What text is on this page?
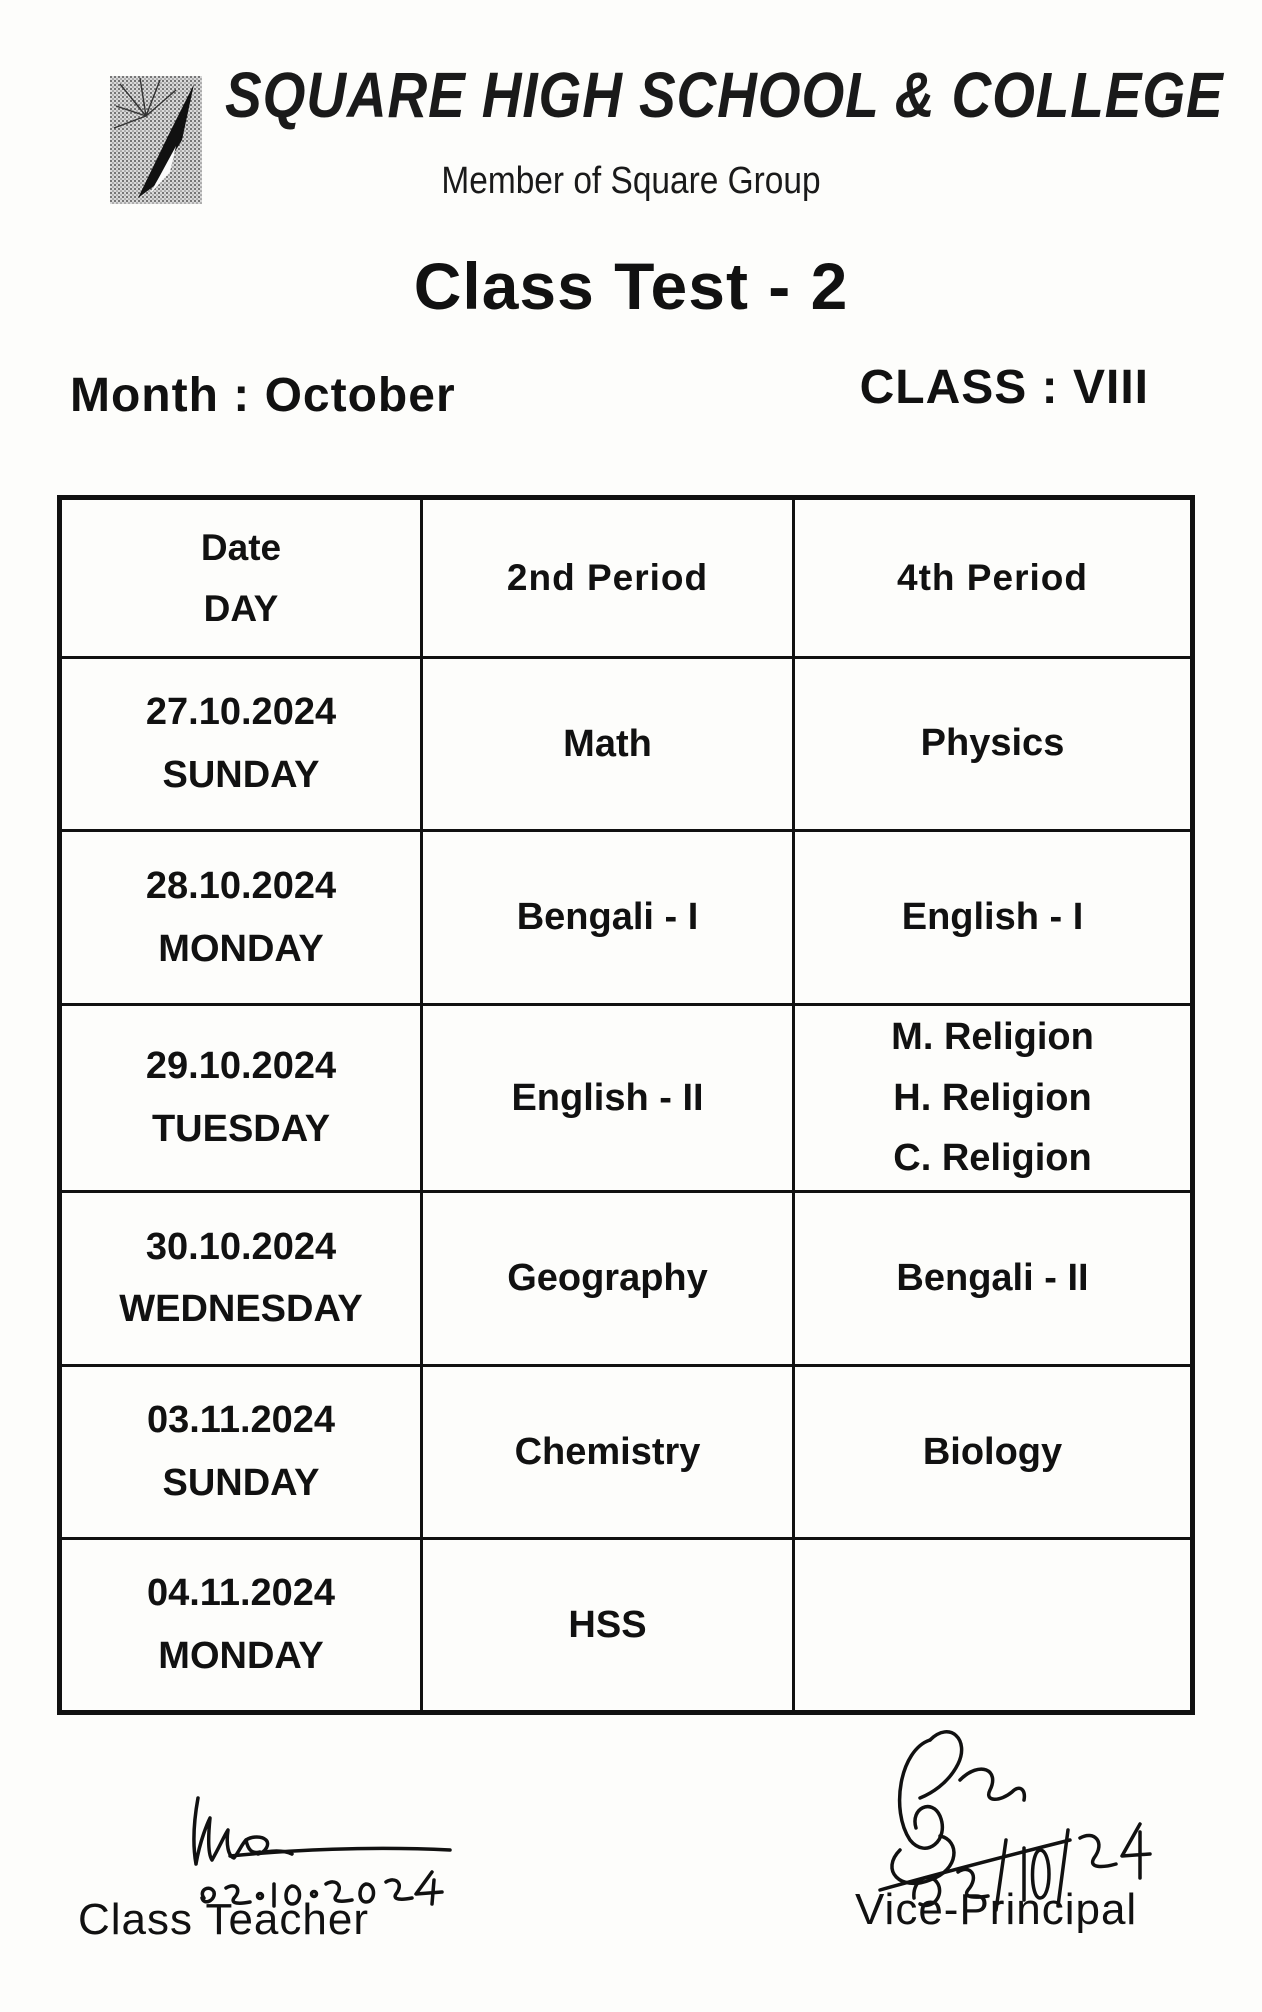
SQUARE HIGH SCHOOL & COLLEGE
Member of Square Group
Class Test - 2
Month : October	CLASS : VIII
Date
DAY	2nd Period	4th Period

27.10.2024
SUNDAY	Math	Physics

28.10.2024
MONDAY	Bengali - I	English - I

29.10.2024
TUESDAY	English - II	M. Religion
H. Religion
C. Religion

30.10.2024
WEDNESDAY	Geography	Bengali - II

03.11.2024
SUNDAY	Chemistry	Biology

04.11.2024
MONDAY	HSS	
Class Teacher	Vice-Principal
